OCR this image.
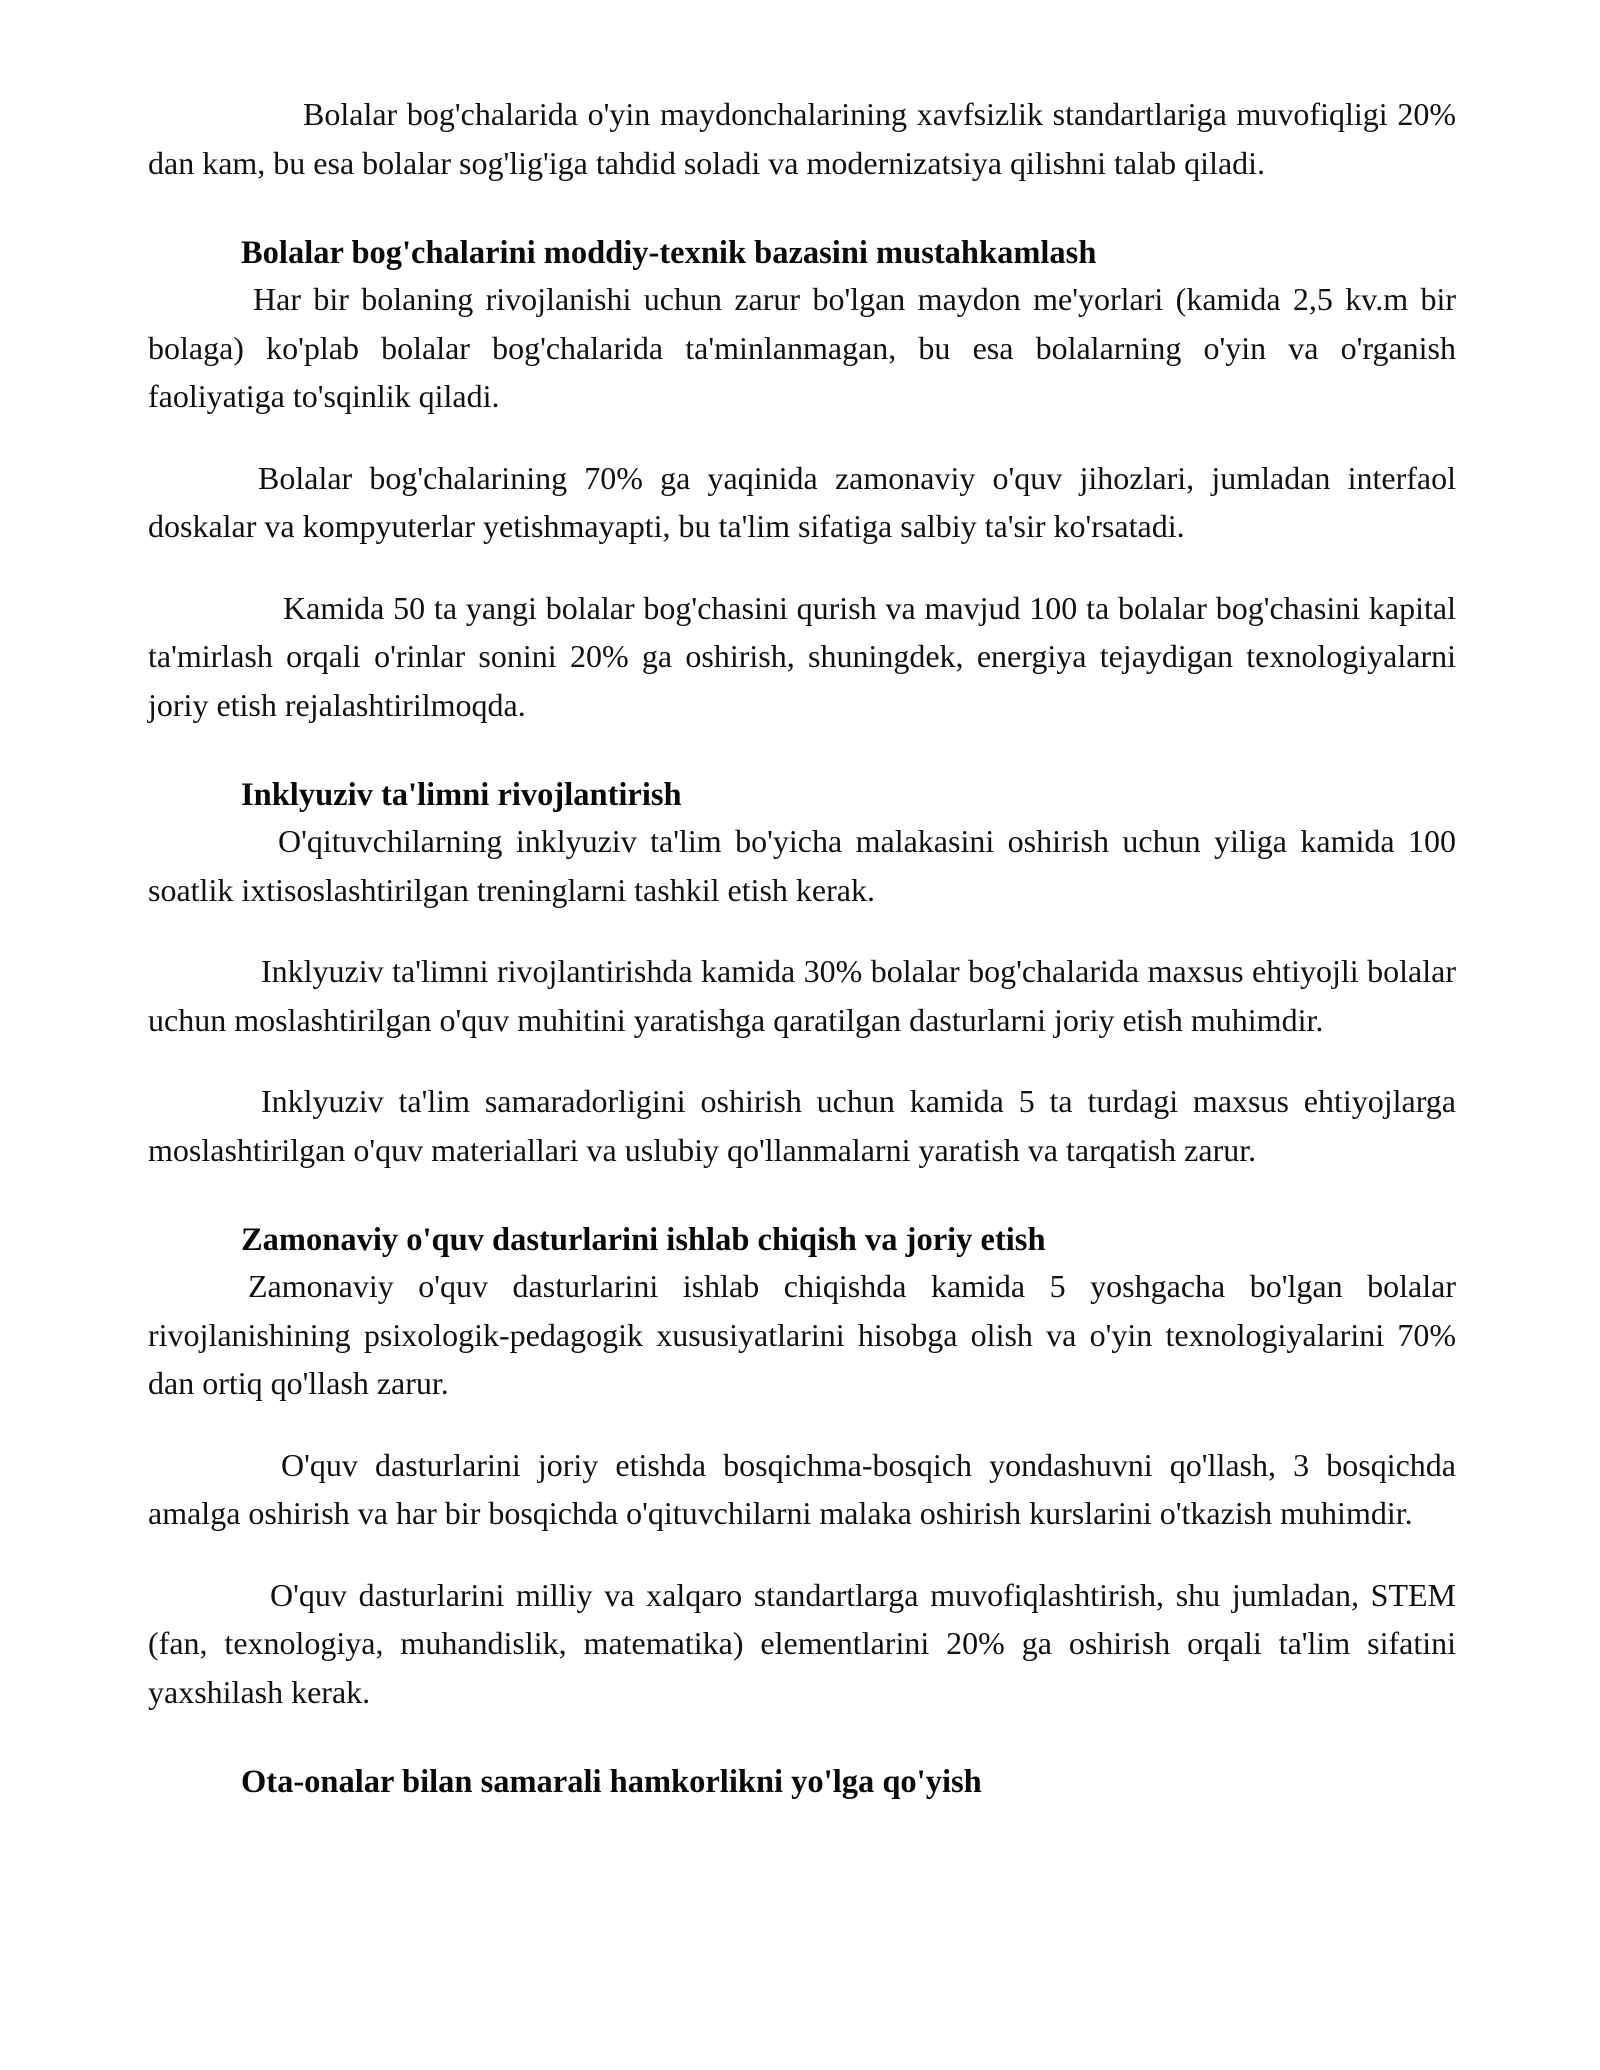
Bolalar bog'chalarida o'yin maydonchalarining xavfsizlik standartlariga muvofiqligi 20% dan kam, bu esa bolalar sog'lig'iga tahdid soladi va modernizatsiya qilishni talab qiladi.

Bolalar bog'chalarini moddiy-texnik bazasini mustahkamlash

Har bir bolaning rivojlanishi uchun zarur bo'lgan maydon me'yorlari (kamida 2,5 kv.m bir bolaga) ko'plab bolalar bog'chalarida ta'minlanmagan, bu esa bolalarning o'yin va o'rganish faoliyatiga to'sqinlik qiladi.

Bolalar bog'chalarining 70% ga yaqinida zamonaviy o'quv jihozlari, jumladan interfaol doskalar va kompyuterlar yetishmayapti, bu ta'lim sifatiga salbiy ta'sir ko'rsatadi.

Kamida 50 ta yangi bolalar bog'chasini qurish va mavjud 100 ta bolalar bog'chasini kapital ta'mirlash orqali o'rinlar sonini 20% ga oshirish, shuningdek, energiya tejaydigan texnologiyalarni joriy etish rejalashtirilmoqda.

Inklyuziv ta'limni rivojlantirish

O'qituvchilarning inklyuziv ta'lim bo'yicha malakasini oshirish uchun yiliga kamida 100 soatlik ixtisoslashtirilgan treninglarni tashkil etish kerak.

Inklyuziv ta'limni rivojlantirishda kamida 30% bolalar bog'chalarida maxsus ehtiyojli bolalar uchun moslashtirilgan o'quv muhitini yaratishga qaratilgan dasturlarni joriy etish muhimdir.

Inklyuziv ta'lim samaradorligini oshirish uchun kamida 5 ta turdagi maxsus ehtiyojlarga moslashtirilgan o'quv materiallari va uslubiy qo'llanmalarni yaratish va tarqatish zarur.

Zamonaviy o'quv dasturlarini ishlab chiqish va joriy etish

Zamonaviy o'quv dasturlarini ishlab chiqishda kamida 5 yoshgacha bo'lgan bolalar rivojlanishining psixologik-pedagogik xususiyatlarini hisobga olish va o'yin texnologiyalarini 70% dan ortiq qo'llash zarur.

O'quv dasturlarini joriy etishda bosqichma-bosqich yondashuvni qo'llash, 3 bosqichda amalga oshirish va har bir bosqichda o'qituvchilarni malaka oshirish kurslarini o'tkazish muhimdir.

O'quv dasturlarini milliy va xalqaro standartlarga muvofiqlashtirish, shu jumladan, STEM (fan, texnologiya, muhandislik, matematika) elementlarini 20% ga oshirish orqali ta'lim sifatini yaxshilash kerak.

Ota-onalar bilan samarali hamkorlikni yo'lga qo'yish
